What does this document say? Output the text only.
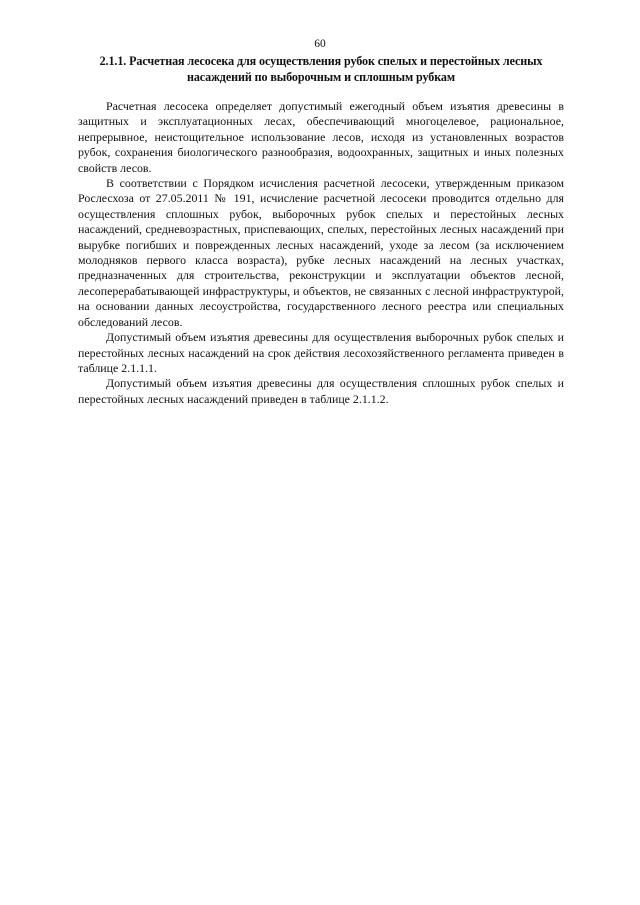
60
2.1.1. Расчетная лесосека для осуществления рубок спелых и перестойных лесных насаждений по выборочным и сплошным рубкам

Расчетная лесосека определяет допустимый ежегодный объем изъятия древесины в защитных и эксплуатационных лесах, обеспечивающий многоцелевое, рациональное, непрерывное, неистощительное использование лесов, исходя из установленных возрастов рубок, сохранения биологического разнообразия, водоохранных, защитных и иных полезных свойств лесов.

В соответствии с Порядком исчисления расчетной лесосеки, утвержденным приказом Рослесхоза от 27.05.2011 № 191, исчисление расчетной лесосеки проводится отдельно для осуществления сплошных рубок, выборочных рубок спелых и перестойных лесных насаждений, средневозрастных, приспевающих, спелых, перестойных лесных насаждений при вырубке погибших и поврежденных лесных насаждений, уходе за лесом (за исключением молодняков первого класса возраста), рубке лесных насаждений на лесных участках, предназначенных для строительства, реконструкции и эксплуатации объектов лесной, лесоперерабатывающей инфраструктуры, и объектов, не связанных с лесной инфраструктурой, на основании данных лесоустройства, государственного лесного реестра или специальных обследований лесов.

Допустимый объем изъятия древесины для осуществления выборочных рубок спелых и перестойных лесных насаждений на срок действия лесохозяйственного регламента приведен в таблице 2.1.1.1.

Допустимый объем изъятия древесины для осуществления сплошных рубок спелых и перестойных лесных насаждений приведен в таблице 2.1.1.2.
